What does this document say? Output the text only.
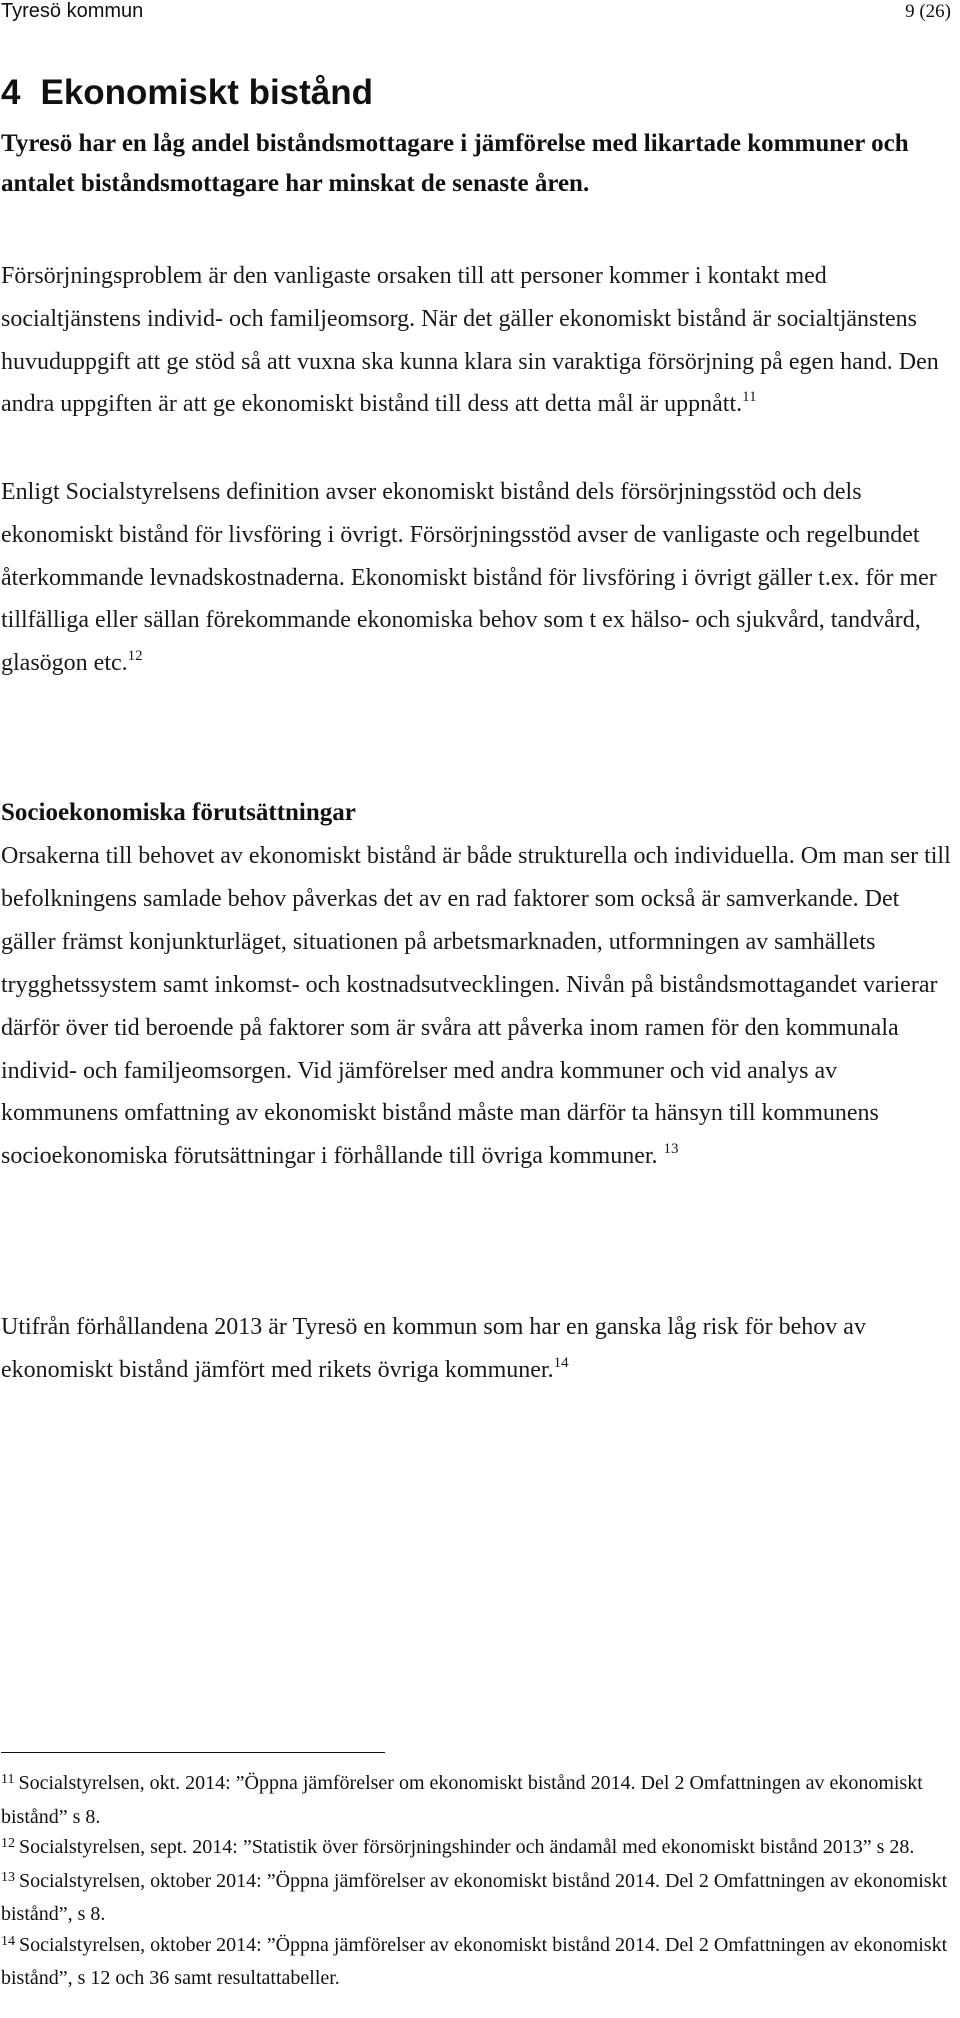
Tyresö kommun	9 (26)
4 Ekonomiskt bistånd

Tyresö har en låg andel biståndsmottagare i jämförelse med likartade kommuner och antalet biståndsmottagare har minskat de senaste åren.

Försörjningsproblem är den vanligaste orsaken till att personer kommer i kontakt med socialtjänstens individ- och familjeomsorg. När det gäller ekonomiskt bistånd är socialtjänstens huvuduppgift att ge stöd så att vuxna ska kunna klara sin varaktiga försörjning på egen hand. Den andra uppgiften är att ge ekonomiskt bistånd till dess att detta mål är uppnått.$^{11}$

Enligt Socialstyrelsens definition avser ekonomiskt bistånd dels försörjningsstöd och dels ekonomiskt bistånd för livsföring i övrigt. Försörjningsstöd avser de vanligaste och regelbundet återkommande levnadskostnaderna. Ekonomiskt bistånd för livsföring i övrigt gäller t.ex. för mer tillfälliga eller sällan förekommande ekonomiska behov som t ex hälso- och sjukvård, tandvård, glasögon etc.$^{12}$

Socioekonomiska förutsättningar

Orsakerna till behovet av ekonomiskt bistånd är både strukturella och individuella. Om man ser till befolkningens samlade behov påverkas det av en rad faktorer som också är samverkande. Det gäller främst konjunkturläget, situationen på arbetsmarknaden, utformningen av samhällets trygghetssystem samt inkomst- och kostnadsutvecklingen. Nivån på biståndsmottagandet varierar därför över tid beroende på faktorer som är svåra att påverka inom ramen för den kommunala individ- och familjeomsorgen. Vid jämförelser med andra kommuner och vid analys av kommunens omfattning av ekonomiskt bistånd måste man därför ta hänsyn till kommunens socioekonomiska förutsättningar i förhållande till övriga kommuner. $^{13}$

Utifrån förhållandena 2013 är Tyresö en kommun som har en ganska låg risk för behov av ekonomiskt bistånd jämfört med rikets övriga kommuner.$^{14}$

$^{11}$ Socialstyrelsen, okt. 2014: ”Öppna jämförelser om ekonomiskt bistånd 2014. Del 2 Omfattningen av ekonomiskt bistånd” s 8.

$^{12}$ Socialstyrelsen, sept. 2014: ”Statistik över försörjningshinder och ändamål med ekonomiskt bistånd 2013” s 28.

$^{13}$ Socialstyrelsen, oktober 2014: ”Öppna jämförelser av ekonomiskt bistånd 2014. Del 2 Omfattningen av ekonomiskt bistånd”, s 8.

$^{14}$ Socialstyrelsen, oktober 2014: ”Öppna jämförelser av ekonomiskt bistånd 2014. Del 2 Omfattningen av ekonomiskt bistånd”, s 12 och 36 samt resultattabeller.
